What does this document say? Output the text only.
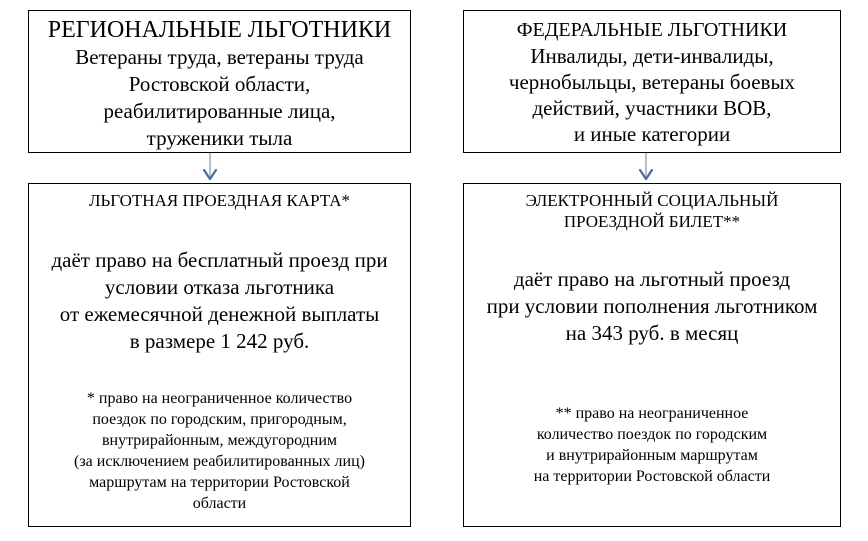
РЕГИОНАЛЬНЫЕ ЛЬГОТНИКИ
Ветераны труда, ветераны труда
Ростовской области,
реабилитированные лица,
труженики тыла
ФЕДЕРАЛЬНЫЕ ЛЬГОТНИКИ
Инвалиды, дети-инвалиды,
чернобыльцы, ветераны боевых
действий, участники ВОВ,
и иные категории
ЛЬГОТНАЯ ПРОЕЗДНАЯ КАРТА*
даёт право на бесплатный проезд при
условии отказа льготника
от ежемесячной денежной выплаты
в размере 1 242 руб.
* право на неограниченное количество
поездок по городским, пригородным,
внутрирайонным, междугородним
(за исключением реабилитированных лиц)
маршрутам на территории Ростовской
области
ЭЛЕКТРОННЫЙ СОЦИАЛЬНЫЙ
ПРОЕЗДНОЙ БИЛЕТ**
даёт право на льготный проезд
при условии пополнения льготником
на 343 руб. в месяц
** право на неограниченное
количество поездок по городским
и внутрирайонным маршрутам
на территории Ростовской области
